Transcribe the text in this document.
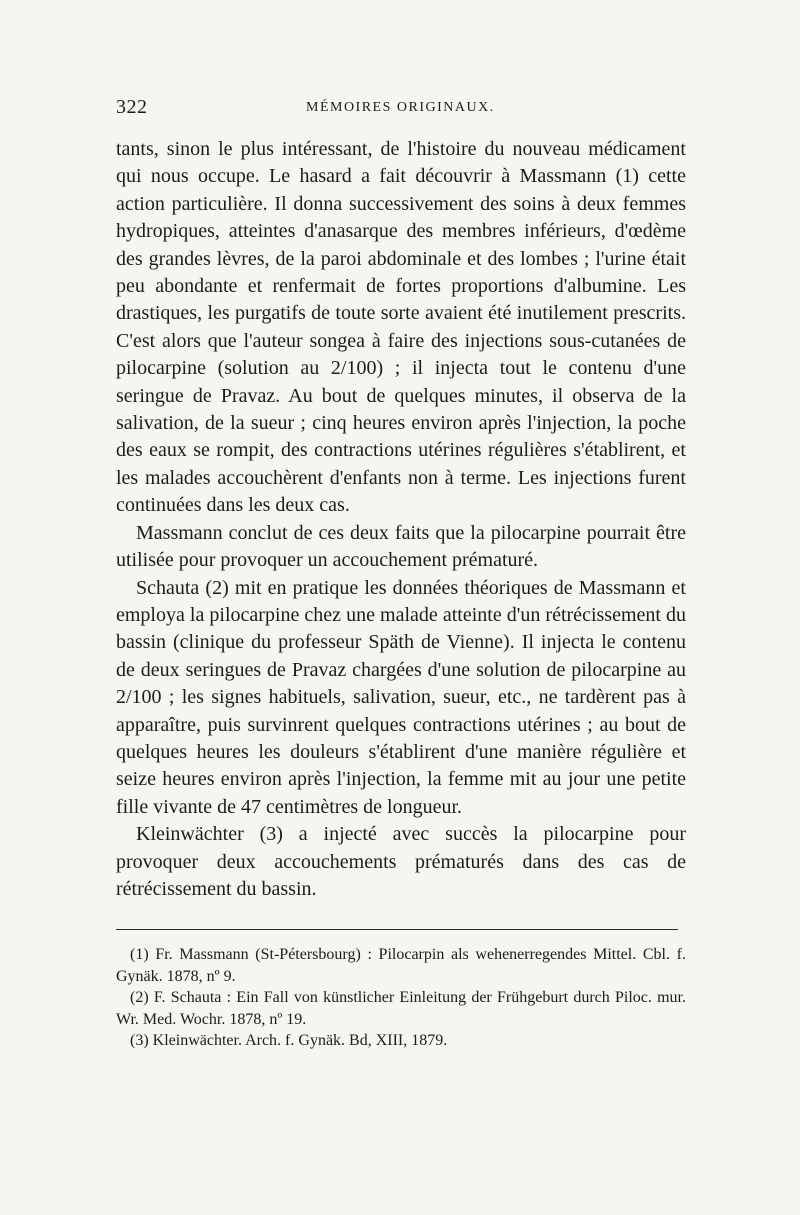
322	MÉMOIRES ORIGINAUX.

tants, sinon le plus intéressant, de l'histoire du nouveau médicament qui nous occupe. Le hasard a fait découvrir à Massmann (1) cette action particulière. Il donna successivement des soins à deux femmes hydropiques, atteintes d'anasarque des membres inférieurs, d'œdème des grandes lèvres, de la paroi abdominale et des lombes ; l'urine était peu abondante et renfermait de fortes proportions d'albumine. Les drastiques, les purgatifs de toute sorte avaient été inutilement prescrits. C'est alors que l'auteur songea à faire des injections sous-cutanées de pilocarpine (solution au 2/100) ; il injecta tout le contenu d'une seringue de Pravaz. Au bout de quelques minutes, il observa de la salivation, de la sueur ; cinq heures environ après l'injection, la poche des eaux se rompit, des contractions utérines régulières s'établirent, et les malades accouchèrent d'enfants non à terme. Les injections furent continuées dans les deux cas.

Massmann conclut de ces deux faits que la pilocarpine pourrait être utilisée pour provoquer un accouchement prématuré.

Schauta (2) mit en pratique les données théoriques de Massmann et employa la pilocarpine chez une malade atteinte d'un rétrécissement du bassin (clinique du professeur Späth de Vienne). Il injecta le contenu de deux seringues de Pravaz chargées d'une solution de pilocarpine au 2/100 ; les signes habituels, salivation, sueur, etc., ne tardèrent pas à apparaître, puis survinrent quelques contractions utérines ; au bout de quelques heures les douleurs s'établirent d'une manière régulière et seize heures environ après l'injection, la femme mit au jour une petite fille vivante de 47 centimètres de longueur.

Kleinwächter (3) a injecté avec succès la pilocarpine pour provoquer deux accouchements prématurés dans des cas de rétrécissement du bassin.

(1) Fr. Massmann (St-Pétersbourg) : Pilocarpin als wehenerregendes Mittel. Cbl. f. Gynäk. 1878, nº 9.

(2) F. Schauta : Ein Fall von künstlicher Einleitung der Frühgeburt durch Piloc. mur. Wr. Med. Wochr. 1878, nº 19.

(3) Kleinwächter. Arch. f. Gynäk. Bd, XIII, 1879.
